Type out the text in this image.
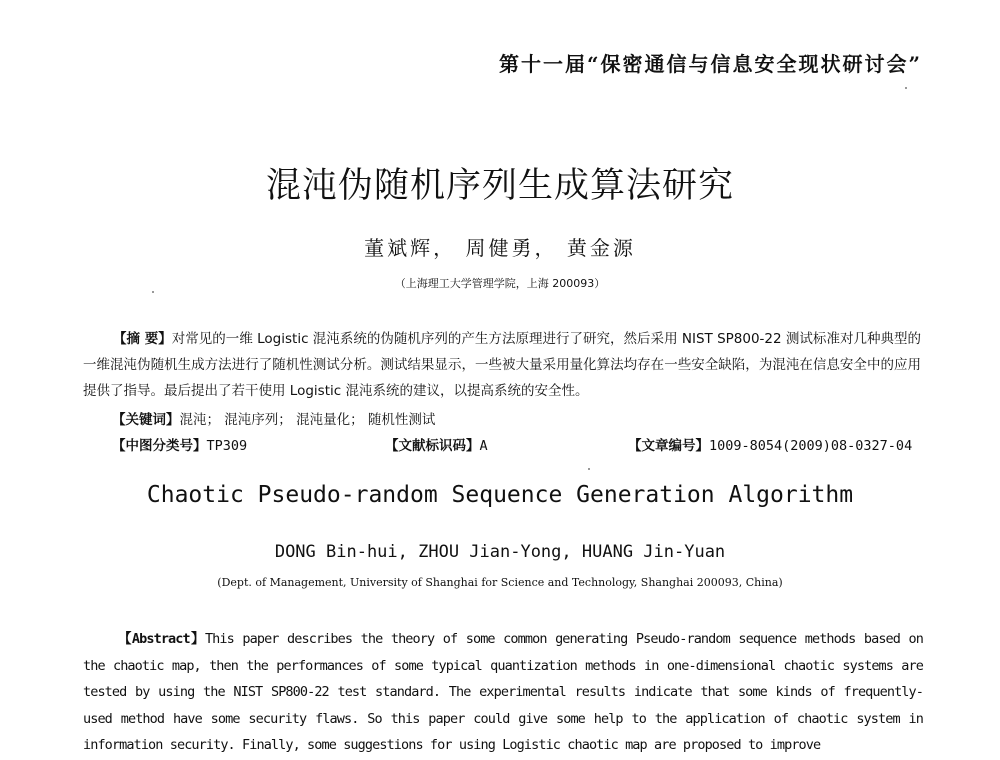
第十一届“保密通信与信息安全现状研讨会”
混沌伪随机序列生成算法研究
董斌辉， 周健勇， 黄金源
（上海理工大学管理学院，上海 200093）
【摘 要】对常见的一维 Logistic 混沌系统的伪随机序列的产生方法原理进行了研究，然后采用 NIST SP800-22 测试标准对几种典型的一维混沌伪随机生成方法进行了随机性测试分析。测试结果显示，一些被大量采用量化算法均存在一些安全缺陷，为混沌在信息安全中的应用提供了指导。最后提出了若干使用 Logistic 混沌系统的建议，以提高系统的安全性。
【关键词】混沌； 混沌序列； 混沌量化； 随机性测试
【中图分类号】TP309	【文献标识码】A	【文章编号】1009-8054(2009)08-0327-04
Chaotic Pseudo-random Sequence Generation Algorithm
DONG Bin-hui, ZHOU Jian-Yong, HUANG Jin-Yuan
(Dept. of Management, University of Shanghai for Science and Technology, Shanghai 200093, China)
【Abstract】This paper describes the theory of some common generating Pseudo-random sequence methods based on the chaotic map, then the performances of some typical quantization methods in one-dimensional chaotic systems are tested by using the NIST SP800-22 test standard. The experimental results indicate that some kinds of frequently-used method have some security flaws. So this paper could give some help to the application of chaotic system in information security. Finally, some suggestions for using Logistic chaotic map are proposed to improve
